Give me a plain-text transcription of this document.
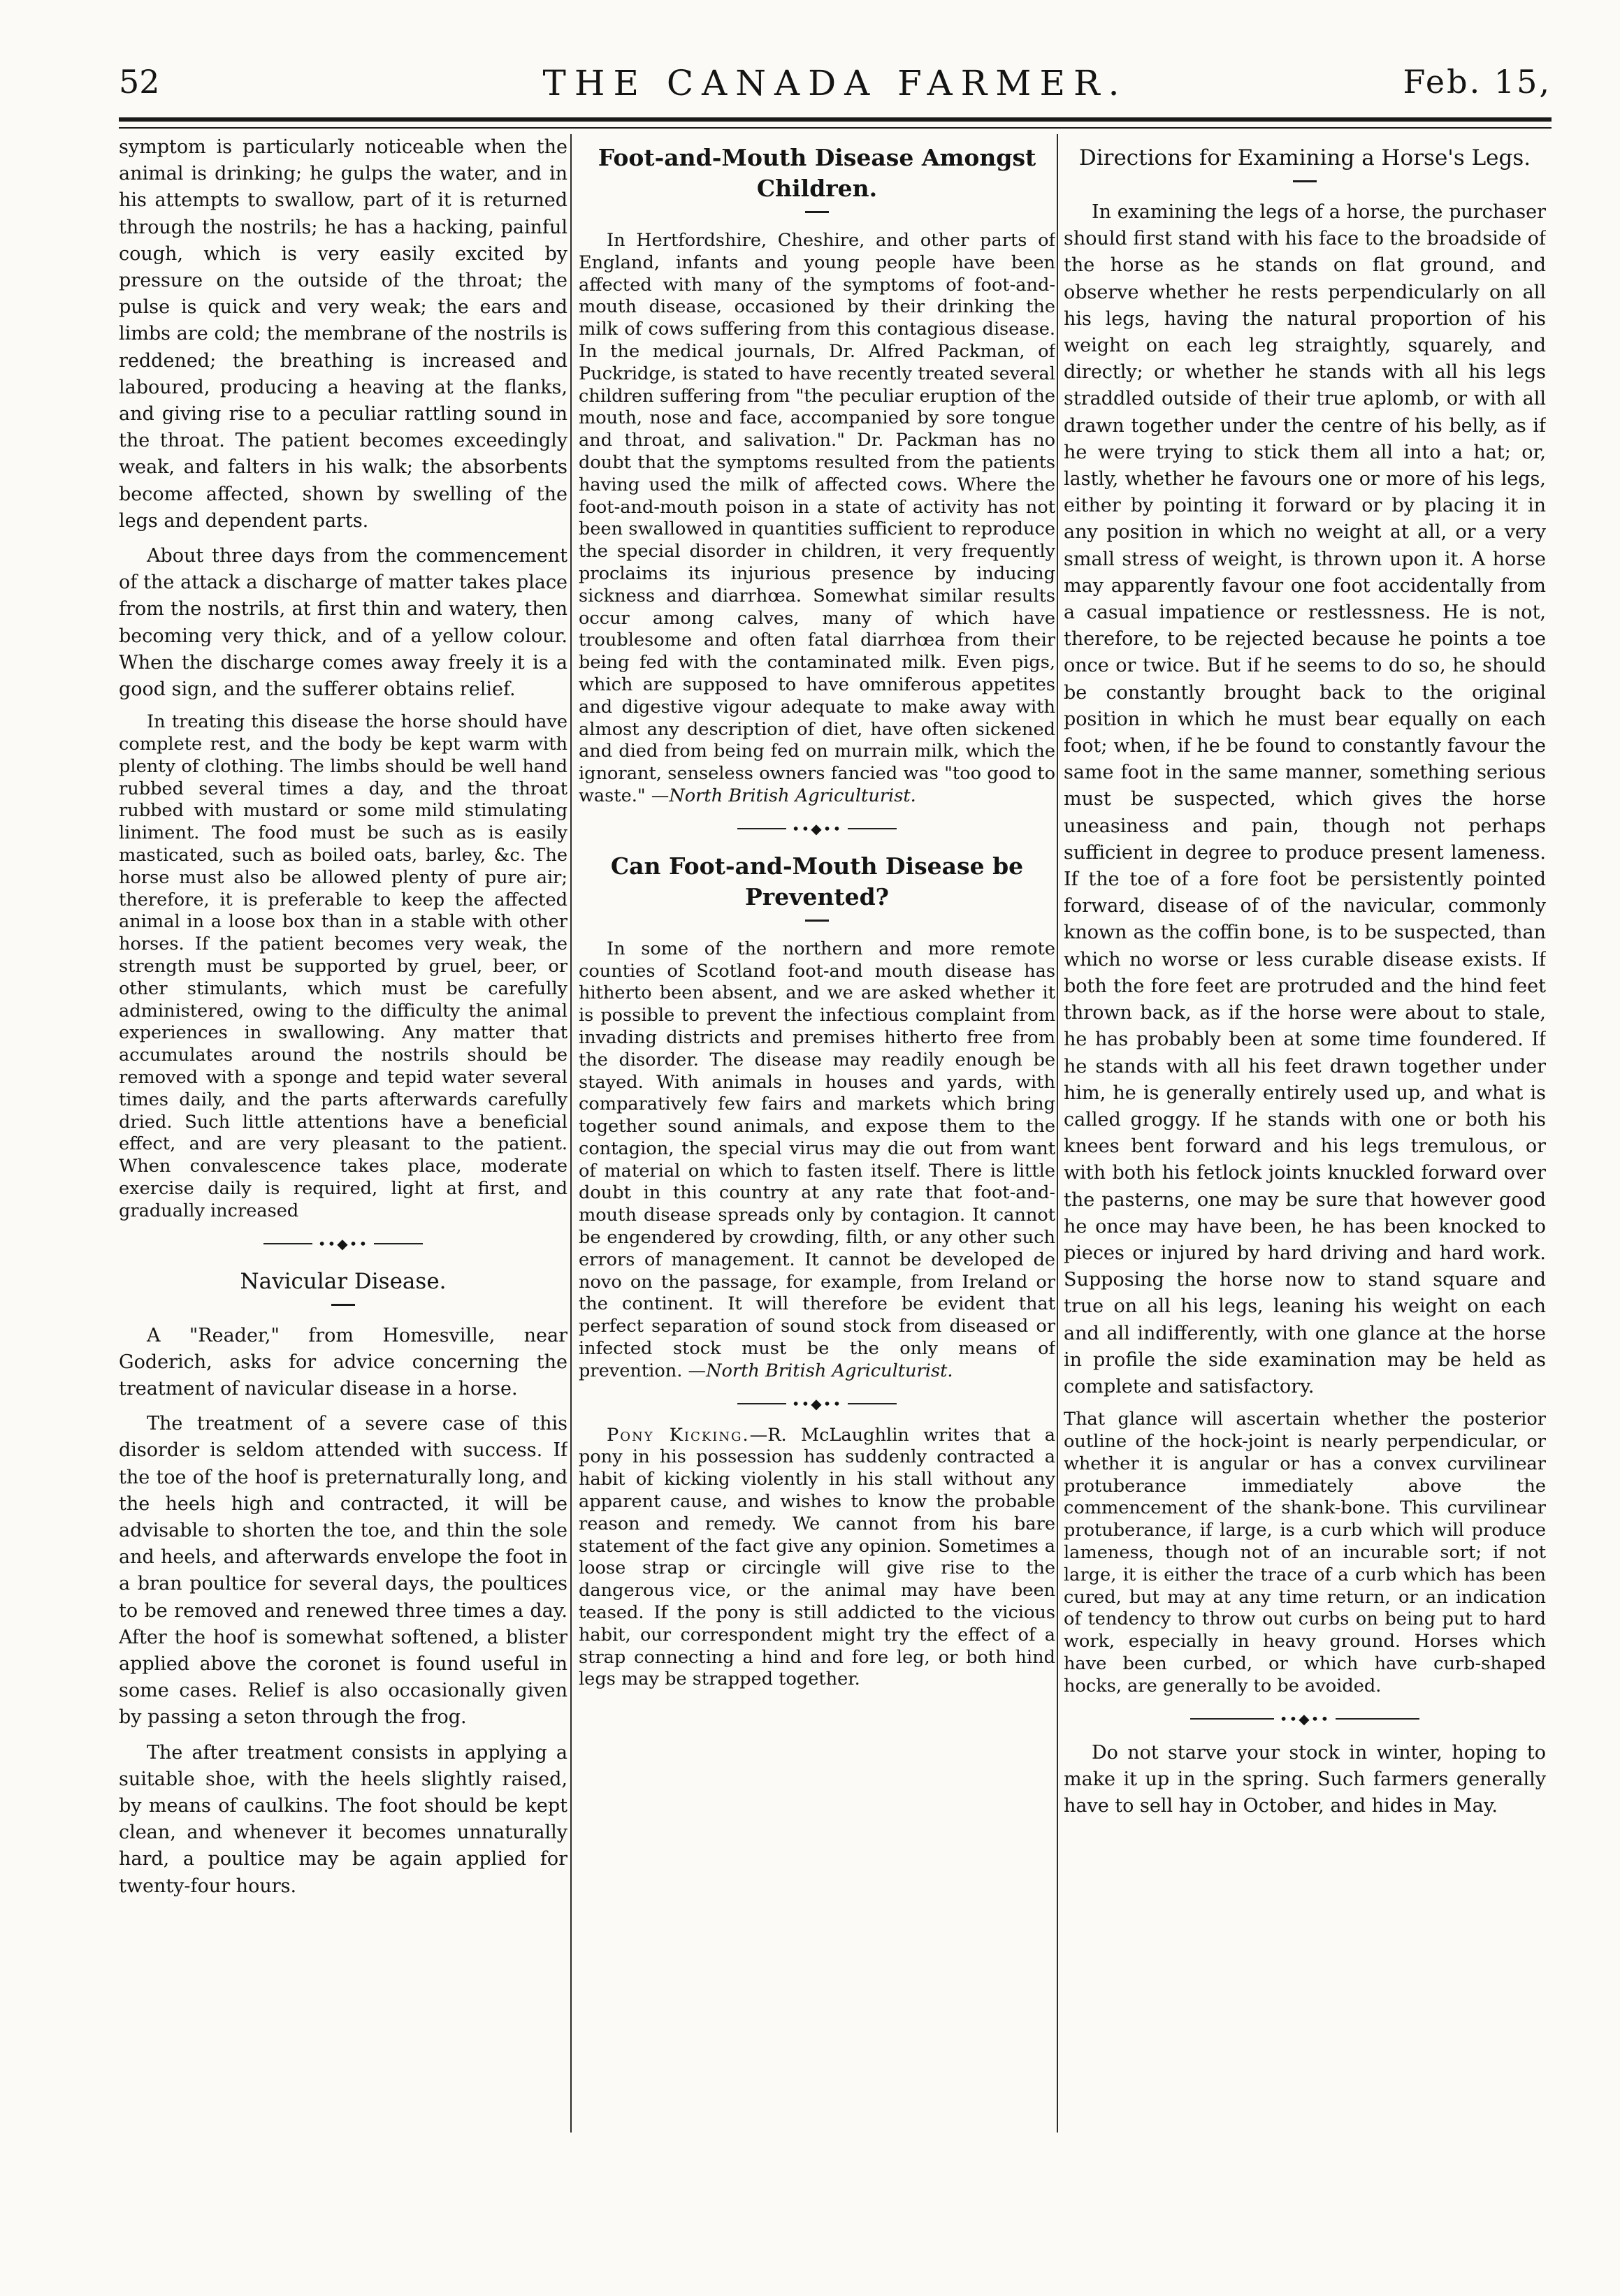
52	THE CANADA FARMER.	Feb. 15,

symptom is particularly noticeable when the animal is drinking; he gulps the water, and in his attempts to swallow, part of it is returned through the nostrils; he has a hacking, painful cough, which is very easily excited by pressure on the outside of the throat; the pulse is quick and very weak; the ears and limbs are cold; the membrane of the nostrils is reddened; the breathing is increased and laboured, producing a heaving at the flanks, and giving rise to a peculiar rattling sound in the throat. The patient becomes exceedingly weak, and falters in his walk; the absorbents become affected, shown by swelling of the legs and dependent parts.

About three days from the commencement of the attack a discharge of matter takes place from the nostrils, at first thin and watery, then becoming very thick, and of a yellow colour. When the discharge comes away freely it is a good sign, and the sufferer obtains relief.

In treating this disease the horse should have complete rest, and the body be kept warm with plenty of clothing. The limbs should be well hand rubbed several times a day, and the throat rubbed with mustard or some mild stimulating liniment. The food must be such as is easily masticated, such as boiled oats, barley, &c. The horse must also be allowed plenty of pure air; therefore, it is preferable to keep the affected animal in a loose box than in a stable with other horses. If the patient becomes very weak, the strength must be supported by gruel, beer, or other stimulants, which must be carefully administered, owing to the difficulty the animal experiences in swallowing. Any matter that accumulates around the nostrils should be removed with a sponge and tepid water several times daily, and the parts afterwards carefully dried. Such little attentions have a beneficial effect, and are very pleasant to the patient. When convalescence takes place, moderate exercise daily is required, light at first, and gradually increased

••◆••
Navicular Disease.

A "Reader," from Homesville, near Goderich, asks for advice concerning the treatment of navicular disease in a horse.

The treatment of a severe case of this disorder is seldom attended with success. If the toe of the hoof is preternaturally long, and the heels high and contracted, it will be advisable to shorten the toe, and thin the sole and heels, and afterwards envelope the foot in a bran poultice for several days, the poultices to be removed and renewed three times a day. After the hoof is somewhat softened, a blister applied above the coronet is found useful in some cases. Relief is also occasionally given by passing a seton through the frog.

The after treatment consists in applying a suitable shoe, with the heels slightly raised, by means of caulkins. The foot should be kept clean, and whenever it becomes unnaturally hard, a poultice may be again applied for twenty-four hours.

Foot-and-Mouth Disease Amongst Children.

In Hertfordshire, Cheshire, and other parts of England, infants and young people have been affected with many of the symptoms of foot-and-mouth disease, occasioned by their drinking the milk of cows suffering from this contagious disease. In the medical journals, Dr. Alfred Packman, of Puckridge, is stated to have recently treated several children suffering from "the peculiar eruption of the mouth, nose and face, accompanied by sore tongue and throat, and salivation." Dr. Packman has no doubt that the symptoms resulted from the patients having used the milk of affected cows. Where the foot-and-mouth poison in a state of activity has not been swallowed in quantities sufficient to reproduce the special disorder in children, it very frequently proclaims its injurious presence by inducing sickness and diarrhœa. Somewhat similar results occur among calves, many of which have troublesome and often fatal diarrhœa from their being fed with the contaminated milk. Even pigs, which are supposed to have omniferous appetites and digestive vigour adequate to make away with almost any description of diet, have often sickened and died from being fed on murrain milk, which the ignorant, senseless owners fancied was "too good to waste." —North British Agriculturist.

••◆••
Can Foot-and-Mouth Disease be Prevented?

In some of the northern and more remote counties of Scotland foot-and mouth disease has hitherto been absent, and we are asked whether it is possible to prevent the infectious complaint from invading districts and premises hitherto free from the disorder. The disease may readily enough be stayed. With animals in houses and yards, with comparatively few fairs and markets which bring together sound animals, and expose them to the contagion, the special virus may die out from want of material on which to fasten itself. There is little doubt in this country at any rate that foot-and-mouth disease spreads only by contagion. It cannot be engendered by crowding, filth, or any other such errors of management. It cannot be developed de novo on the passage, for example, from Ireland or the continent. It will therefore be evident that perfect separation of sound stock from diseased or infected stock must be the only means of prevention. —North British Agriculturist.

••◆••

Pony Kicking.—R. McLaughlin writes that a pony in his possession has suddenly contracted a habit of kicking violently in his stall without any apparent cause, and wishes to know the probable reason and remedy. We cannot from his bare statement of the fact give any opinion. Sometimes a loose strap or circingle will give rise to the dangerous vice, or the animal may have been teased. If the pony is still addicted to the vicious habit, our correspondent might try the effect of a strap connecting a hind and fore leg, or both hind legs may be strapped together.

Directions for Examining a Horse's Legs.

In examining the legs of a horse, the purchaser should first stand with his face to the broadside of the horse as he stands on flat ground, and observe whether he rests perpendicularly on all his legs, having the natural proportion of his weight on each leg straightly, squarely, and directly; or whether he stands with all his legs straddled outside of their true aplomb, or with all drawn together under the centre of his belly, as if he were trying to stick them all into a hat; or, lastly, whether he favours one or more of his legs, either by pointing it forward or by placing it in any position in which no weight at all, or a very small stress of weight, is thrown upon it. A horse may apparently favour one foot accidentally from a casual impatience or restlessness. He is not, therefore, to be rejected because he points a toe once or twice. But if he seems to do so, he should be constantly brought back to the original position in which he must bear equally on each foot; when, if he be found to constantly favour the same foot in the same manner, something serious must be suspected, which gives the horse uneasiness and pain, though not perhaps sufficient in degree to produce present lameness. If the toe of a fore foot be persistently pointed forward, disease of of the navicular, commonly known as the coffin bone, is to be suspected, than which no worse or less curable disease exists. If both the fore feet are protruded and the hind feet thrown back, as if the horse were about to stale, he has probably been at some time foundered. If he stands with all his feet drawn together under him, he is generally entirely used up, and what is called groggy. If he stands with one or both his knees bent forward and his legs tremulous, or with both his fetlock joints knuckled forward over the pasterns, one may be sure that however good he once may have been, he has been knocked to pieces or injured by hard driving and hard work. Supposing the horse now to stand square and true on all his legs, leaning his weight on each and all indifferently, with one glance at the horse in profile the side examination may be held as complete and satisfactory.

That glance will ascertain whether the posterior outline of the hock-joint is nearly perpendicular, or whether it is angular or has a convex curvilinear protuberance immediately above the commencement of the shank-bone. This curvilinear protuberance, if large, is a curb which will produce lameness, though not of an incurable sort; if not large, it is either the trace of a curb which has been cured, but may at any time return, or an indication of tendency to throw out curbs on being put to hard work, especially in heavy ground. Horses which have been curbed, or which have curb-shaped hocks, are generally to be avoided.

••◆••

Do not starve your stock in winter, hoping to make it up in the spring. Such farmers generally have to sell hay in October, and hides in May.
